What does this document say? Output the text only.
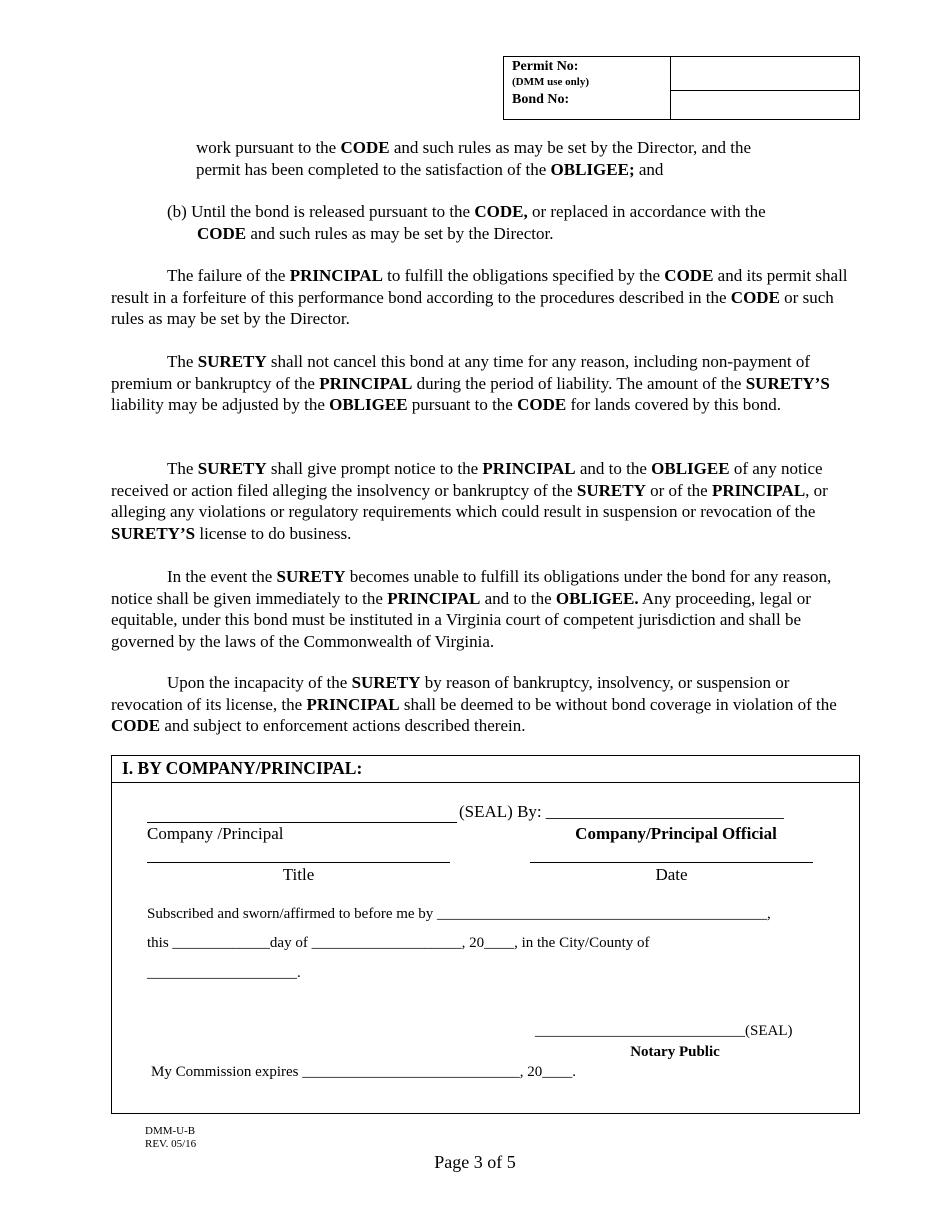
Permit No:
(DMM use only)
Bond No:
work pursuant to the CODE and such rules as may be set by the Director, and the
permit has been completed to the satisfaction of the OBLIGEE; and
(b) Until the bond is released pursuant to the CODE, or replaced in accordance with the
CODE and such rules as may be set by the Director.
The failure of the PRINCIPAL to fulfill the obligations specified by the CODE and its permit shall result in a forfeiture of this performance bond according to the procedures described in the CODE or such rules as may be set by the Director.
The SURETY shall not cancel this bond at any time for any reason, including non-payment of premium or bankruptcy of the PRINCIPAL during the period of liability. The amount of the SURETY’S liability may be adjusted by the OBLIGEE pursuant to the CODE for lands covered by this bond.
The SURETY shall give prompt notice to the PRINCIPAL and to the OBLIGEE of any notice received or action filed alleging the insolvency or bankruptcy of the SURETY or of the PRINCIPAL, or alleging any violations or regulatory requirements which could result in suspension or revocation of the SURETY’S license to do business.
In the event the SURETY becomes unable to fulfill its obligations under the bond for any reason, notice shall be given immediately to the PRINCIPAL and to the OBLIGEE. Any proceeding, legal or equitable, under this bond must be instituted in a Virginia court of competent jurisdiction and shall be governed by the laws of the Commonwealth of Virginia.
Upon the incapacity of the SURETY by reason of bankruptcy, insolvency, or suspension or revocation of its license, the PRINCIPAL shall be deemed to be without bond coverage in violation of the CODE and subject to enforcement actions described therein.
I. BY COMPANY/PRINCIPAL:
(SEAL) By: ____________________________
Company /Principal	Company/Principal Official
Title	Date
Subscribed and sworn/affirmed to before me by ____________________________________________,
this _____________day of ____________________, 20____, in the City/County of
____________________.
____________________________(SEAL)
Notary Public
My Commission expires _____________________________, 20____.
DMM-U-B
REV. 05/16
Page 3 of 5
